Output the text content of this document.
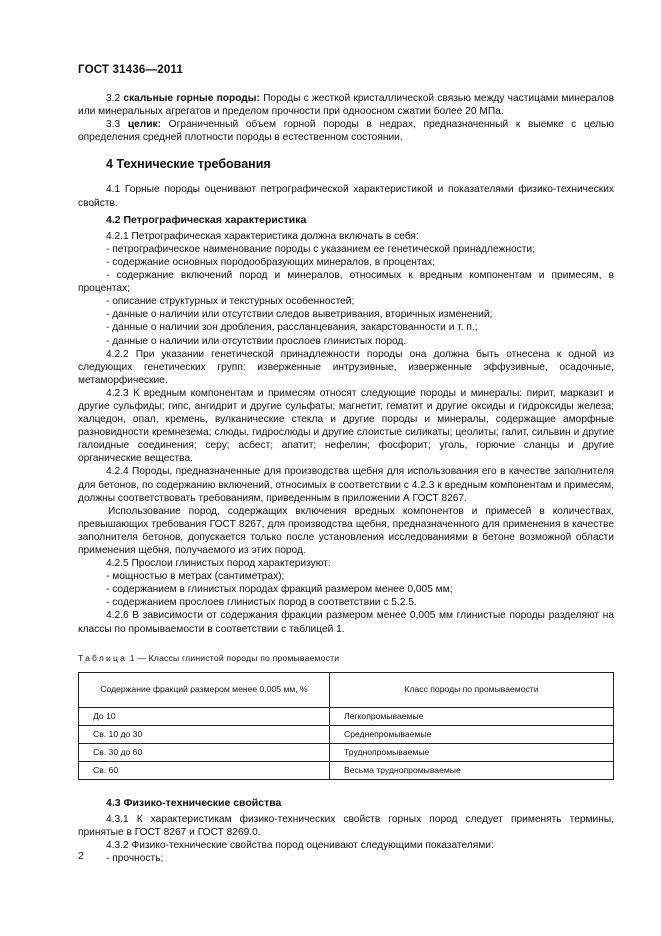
ГОСТ 31436—2011

3.2 скальные горные породы: Породы с жесткой кристаллической связью между частицами минералов или минеральных агрегатов и пределом прочности при одноосном сжатии более 20 МПа.

3.3 целик: Ограниченный объем горной породы в недрах, предназначенный к выемке с целью определения средней плотности породы в естественном состоянии.

4 Технические требования

4.1 Горные породы оценивают петрографической характеристикой и показателями физико-технических свойств.

4.2 Петрографическая характеристика

4.2.1 Петрографическая характеристика должна включать в себя:

- петрографическое наименование породы с указанием ее генетической принадлежности;

- содержание основных породообразующих минералов, в процентах;

- содержание включений пород и минералов, относимых к вредным компонентам и примесям, в процентах;

- описание структурных и текстурных особенностей;

- данные о наличии или отсутствии следов выветривания, вторичных изменений;

- данные о наличии зон дробления, рассланцевания, закарстованности и т. п.;

- данные о наличии или отсутствии прослоев глинистых пород.

4.2.2 При указании генетической принадлежности породы она должна быть отнесена к одной из следующих генетических групп: изверженные интрузивные, изверженные эффузивные, осадочные, метаморфические.

4.2.3 К вредным компонентам и примесям относят следующие породы и минералы: пирит, марказит и другие сульфиды; гипс, ангидрит и другие сульфаты; магнетит, гематит и другие оксиды и гидроксиды железа; халцедон, опал, кремень, вулканические стекла и другие породы и минералы, содержащие аморфные разновидности кремнезема; слюды, гидрослюды и другие слоистые силикаты; цеолиты; галит, сильвин и другие галоидные соединения; серу; асбест; апатит; нефелин; фосфорит; уголь, горючие сланцы и другие органические вещества.

4.2.4 Породы, предназначенные для производства щебня для использования его в качестве заполнителя для бетонов, по содержанию включений, относимых в соответствии с 4.2.3 к вредным компонентам и примесям, должны соответствовать требованиям, приведенным в приложении А ГОСТ 8267.

Использование пород, содержащих включения вредных компонентов и примесей в количествах, превышающих требования ГОСТ 8267, для производства щебня, предназначенного для применения в качестве заполнителя бетонов, допускается только после установления исследованиями в бетоне возможной области применения щебня, получаемого из этих пород.

4.2.5 Прослои глинистых пород характеризуют:

- мощностью в метрах (сантиметрах);

- содержанием в глинистых породах фракций размером менее 0,005 мм;

- содержанием прослоев глинистых пород в соответствии с 5.2.5.

4.2.6 В зависимости от содержания фракции размером менее 0,005 мм глинистые породы разделяют на классы по промываемости в соответствии с таблицей 1.

Таблица 1 — Классы глинистой породы по промываемости
Содержание фракций размером менее 0,005 мм, %	Класс породы по промываемости
До 10	Легкопромываемые
Св. 10 до 30	Среднепромываемые
Св. 30 до 60	Труднопромываемые
Св. 60	Весьма труднопромываемые
4.3 Физико-технические свойства

4.3.1 К характеристикам физико-технических свойств горных пород следует применять термины, принятые в ГОСТ 8267 и ГОСТ 8269.0.

4.3.2 Физико-технические свойства пород оценивают следующими показателями:

- прочность;

2
